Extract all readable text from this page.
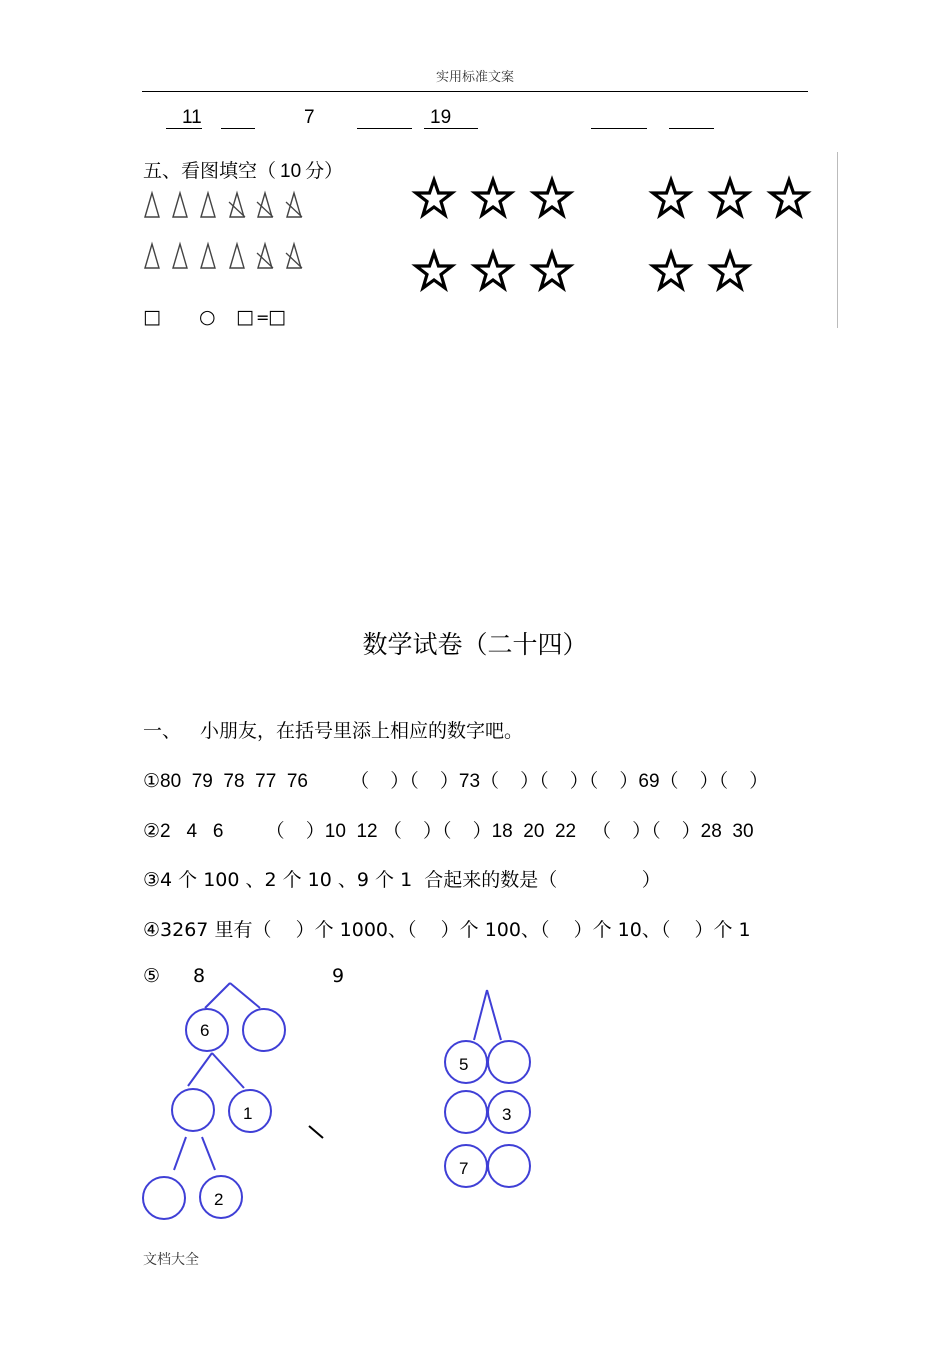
实用标准文案
11	7	19
五、看图填空（ 10 分）
□ ○ □ =
□
数学试卷（二十四）
一、 小朋友，在括号里添上相应的数字吧。
①80  79  78  77  76        （    ）（    ）73（    ）（    ）（    ）69（    ）（    ）
②2   4   6        （    ）10  12 （    ）（    ）18  20  22   （    ）（    ）28  30
③4 个 100 、2 个 10 、9 个 1  合起来的数是（              ）
④3267 里有（    ）个 1000、（    ）个 100、（    ）个 10、（    ）个 1
⑤ 8	9
6
1
2
5
3
7
文档大全
